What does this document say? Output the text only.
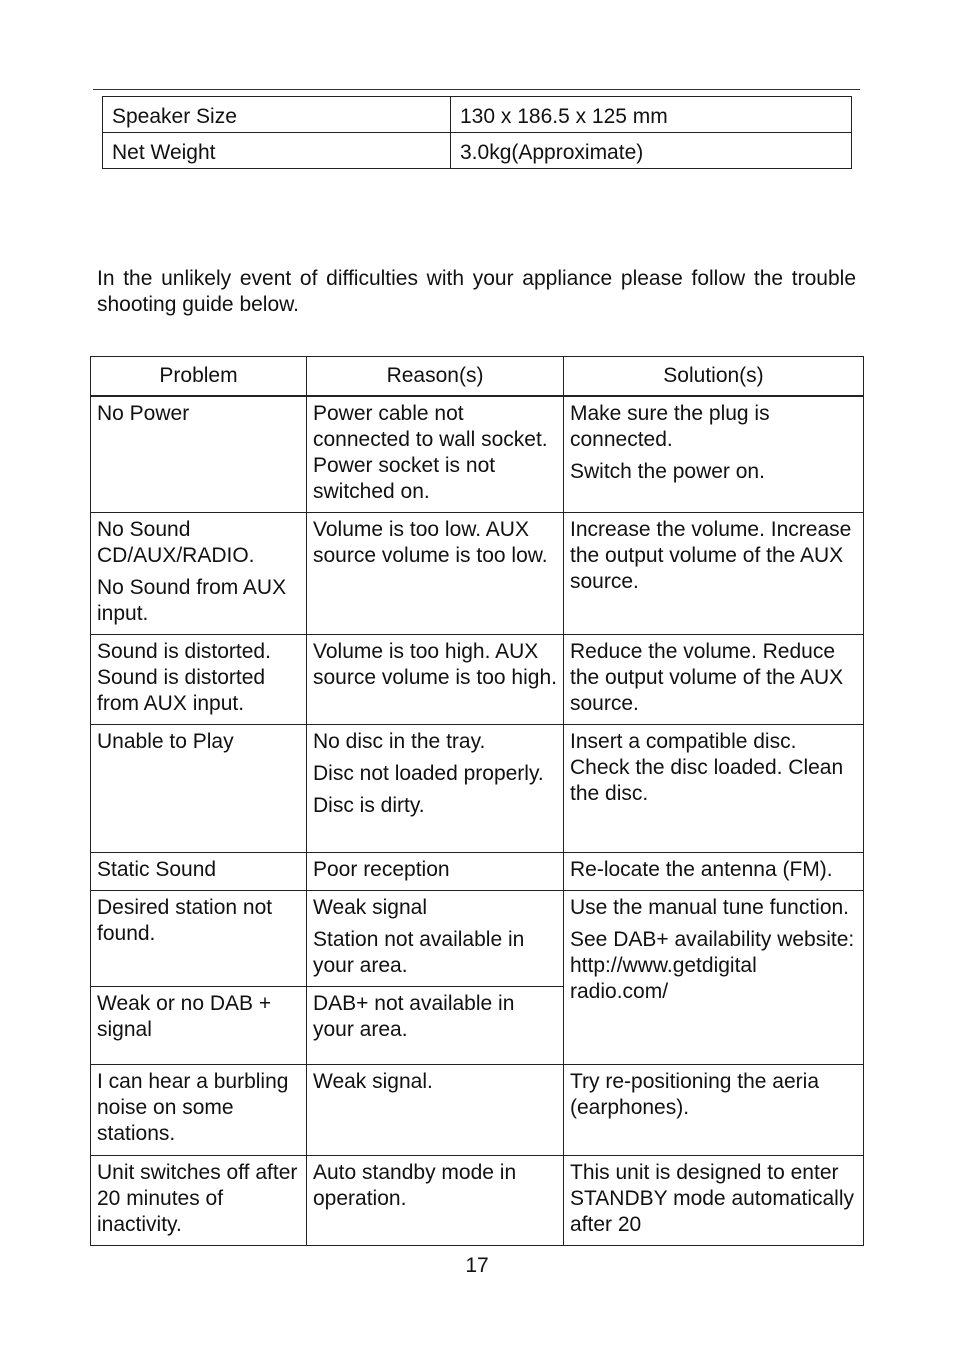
Speaker Size	130 x 186.5 x 125 mm
Net Weight	3.0kg(Approximate)

In the unlikely event of difficulties with your appliance please follow the trouble shooting guide below.

Problem	Reason(s)	Solution(s)

No Power	Power cable not connected to wall socket. Power socket is not switched on.	Make sure the plug is connected.
Switch the power on.

No Sound CD/AUX/RADIO.
No Sound from AUX input.	Volume is too low. AUX source volume is too low.	Increase the volume. Increase the output volume of the AUX source.

Sound is distorted. Sound is distorted from AUX input.	Volume is too high. AUX source volume is too high.	Reduce the volume. Reduce the output volume of the AUX source.

Unable to Play	No disc in the tray.
Disc not loaded properly.
Disc is dirty.	Insert a compatible disc. Check the disc loaded. Clean the disc.

Static Sound	Poor reception	Re-locate the antenna (FM).

Desired station not found.	Weak signal
Station not available in your area.	Use the manual tune function.
See DAB+ availability website: http://www.getdigital radio.com/

Weak or no DAB + signal	DAB+ not available in your area.	

I can hear a burbling noise on some stations.	Weak signal.	Try re-positioning the aeria (earphones).

Unit switches off after 20 minutes of inactivity.	Auto standby mode in operation.	This unit is designed to enter STANDBY mode automatically after 20
17
